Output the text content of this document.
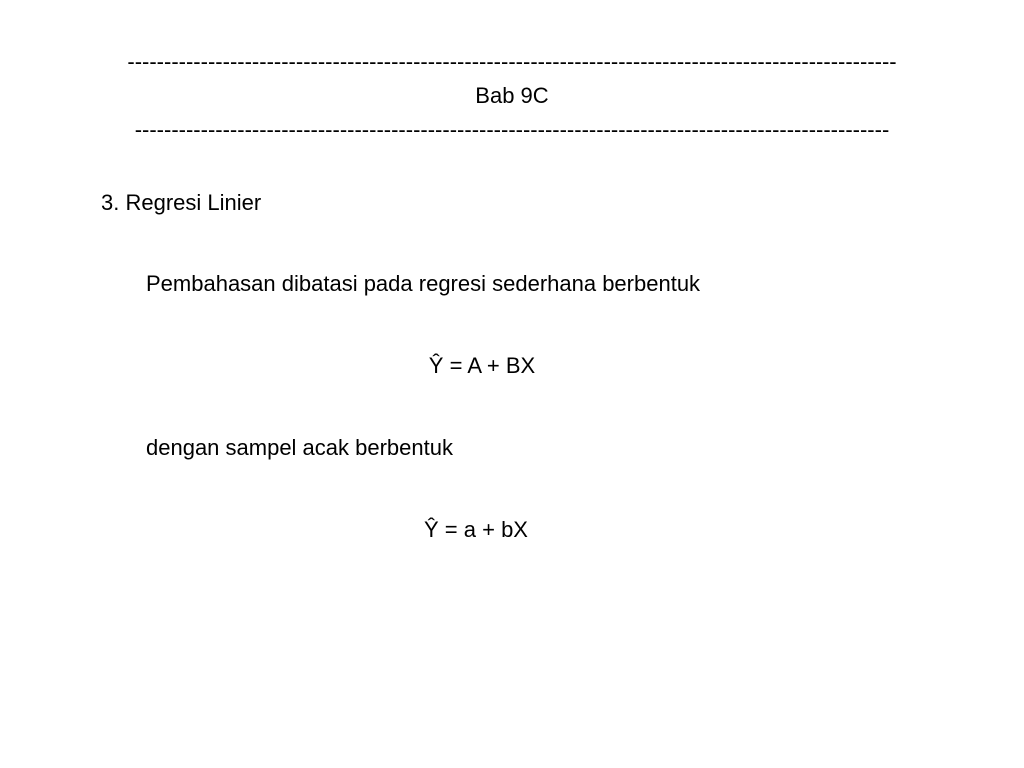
---------------------------------------------------------------------------------------------------------
Bab 9C
-------------------------------------------------------------------------------------------------------
3. Regresi Linier
Pembahasan dibatasi pada regresi sederhana berbentuk
Ŷ = A + BX
dengan sampel acak berbentuk
Ŷ = a + bX
